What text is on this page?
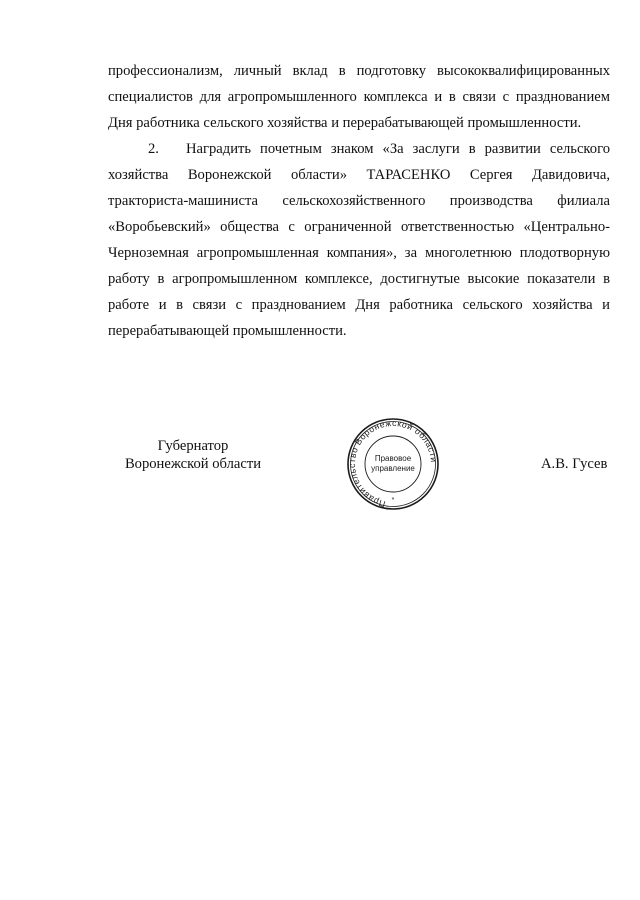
профессионализм, личный вклад в подготовку высококвалифицированных
специалистов для агропромышленного комплекса и в связи с празднованием
Дня работника сельского хозяйства и перерабатывающей промышленности.
2. Наградить почетным знаком «За заслуги в развитии сельского
хозяйства Воронежской области» ТАРАСЕНКО Сергея Давидовича,
тракториста-машиниста сельскохозяйственного производства филиала
«Воробьевский» общества с ограниченной ответственностью «Центрально-
Черноземная агропромышленная компания», за многолетнюю плодотворную
работу в агропромышленном комплексе, достигнутые высокие показатели в
работе и в связи с празднованием Дня работника сельского хозяйства и
перерабатывающей промышленности.
Губернатор
Воронежской области
Правительство Воронежской области
Правовое
управление
*
А.В. Гусев
